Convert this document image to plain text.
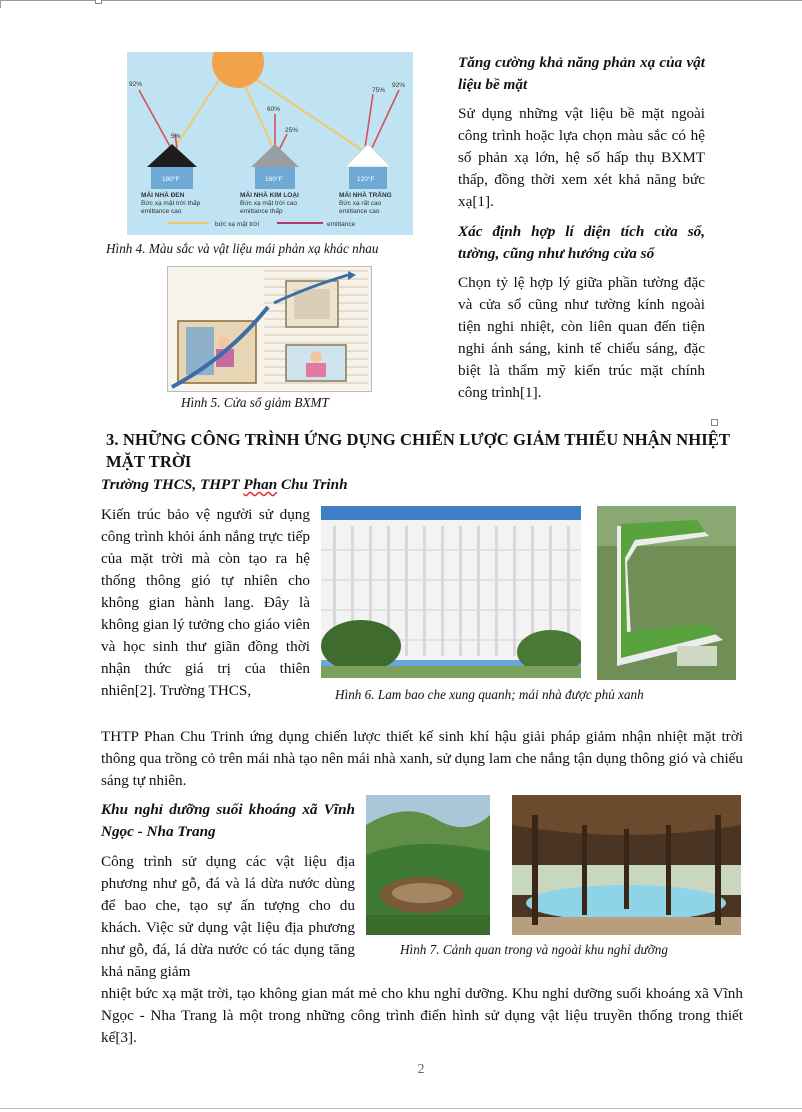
92%
5%
60%
25%
75%
92%
180°F	160°F	120°F
MÁI NHÀ ĐEN
Bức xạ mặt trời thấp
emittance cao
MÁI NHÀ KIM LOẠI
Bức xạ mặt trời cao
emittance thấp
MÁI NHÀ TRẮNG
Bức xạ rất cao
emittance cao
bức xạ mặt trời	emittance
Hình 4. Màu sắc và vật liệu mái phản xạ khác nhau
Hình 5. Cửa sổ giảm BXMT
Tăng cường khả năng phản xạ của vật liệu bề mặt
Sử dụng những vật liệu bề mặt ngoài công trình hoặc lựa chọn màu sắc có hệ số phản xạ lớn, hệ số hấp thụ BXMT thấp, đồng thời xem xét khả năng bức xạ[1].
Xác định hợp lí diện tích cửa sổ, tường, cũng như hướng cửa sổ
Chọn tỷ lệ hợp lý giữa phần tường đặc và cửa sổ cũng như tường kính ngoài tiện nghi nhiệt, còn liên quan đến tiện nghi ánh sáng, kinh tế chiếu sáng, đặc biệt là thẩm mỹ kiến trúc mặt chính công trình[1].
3. NHỮNG CÔNG TRÌNH ỨNG DỤNG CHIẾN LƯỢC GIẢM THIỂU NHẬN NHIỆT MẶT TRỜI
Trường THCS, THPT Phan Chu Trinh
Kiến trúc bảo vệ người sử dụng công trình khỏi ánh nắng trực tiếp của mặt trời mà còn tạo ra hệ thống thông gió tự nhiên cho không gian hành lang. Đây là không gian lý tưởng cho giáo viên và học sinh thư giãn đồng thời nhận thức giá trị của thiên nhiên[2]. Trường THCS,	Hình 6. Lam bao che xung quanh; mái nhà được phủ xanh
THTP Phan Chu Trinh ứng dụng chiến lược thiết kế sinh khí hậu giải pháp giảm nhận nhiệt mặt trời thông qua trồng cỏ trên mái nhà tạo nên mái nhà xanh, sử dụng lam che nắng tận dụng thông gió và chiếu sáng tự nhiên.
Khu nghỉ dưỡng suối khoáng xã Vĩnh Ngọc - Nha Trang
Công trình sử dụng các vật liệu địa phương như gỗ, đá và lá dừa nước dùng để bao che, tạo sự ấn tượng cho du khách. Việc sử dụng vật liệu địa phương như gỗ, đá, lá dừa nước có tác dụng tăng khả năng giảm
Hình 7. Cảnh quan trong và ngoài khu nghỉ dưỡng
nhiệt bức xạ mặt trời, tạo không gian mát mẻ cho khu nghỉ dưỡng. Khu nghỉ dưỡng suối khoáng xã Vĩnh Ngọc - Nha Trang là một trong những công trình điển hình sử dụng vật liệu truyền thống trong thiết kế[3].
2
